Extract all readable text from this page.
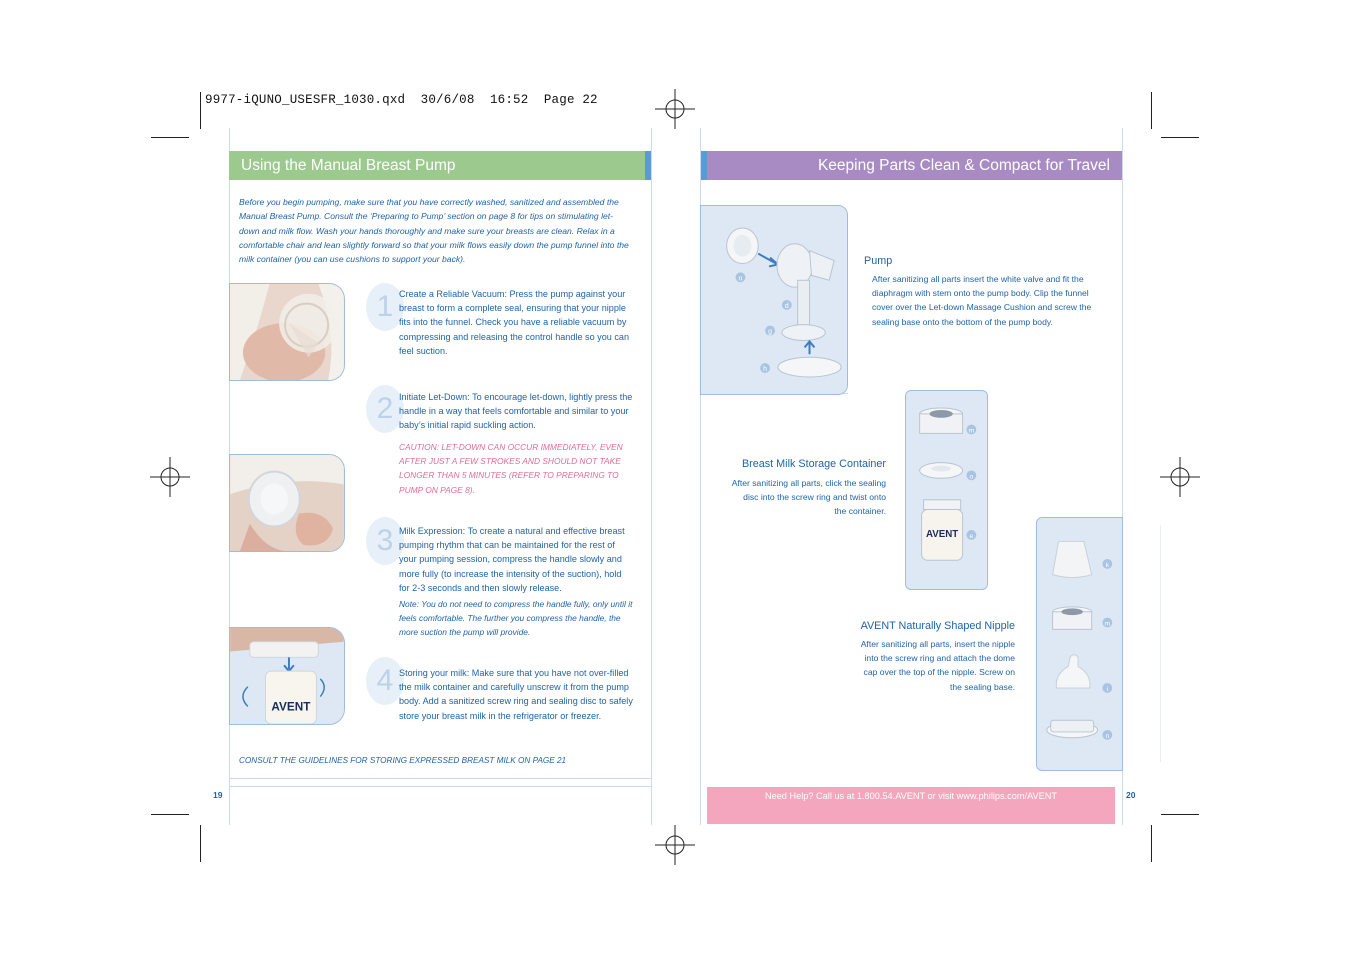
9977-iQUNO_USESFR_1030.qxd  30/6/08  16:52  Page 22
Using the Manual Breast Pump
Before you begin pumping, make sure that you have correctly washed, sanitized and assembled the Manual Breast Pump. Consult the ‘Preparing to Pump’ section on page 8 for tips on stimulating let-down and milk flow. Wash your hands thoroughly and make sure your breasts are clean. Relax in a comfortable chair and lean slightly forward so that your milk flows easily down the pump funnel into the milk container (you can use cushions to support your back).
AVENT
1 Create a Reliable Vacuum: Press the pump against your breast to form a complete seal, ensuring that your nipple fits into the funnel. Check you have a reliable vacuum by compressing and releasing the control handle so you can feel suction.
2 Initiate Let-Down: To encourage let-down, lightly press the handle in a way that feels comfortable and similar to your baby’s initial rapid suckling action.
CAUTION: LET-DOWN CAN OCCUR IMMEDIATELY, EVEN AFTER JUST A FEW STROKES AND SHOULD NOT TAKE LONGER THAN 5 MINUTES (REFER TO PREPARING TO PUMP ON PAGE 8).
3 Milk Expression: To create a natural and effective breast pumping rhythm that can be maintained for the rest of your pumping session, compress the handle slowly and more fully (to increase the intensity of the suction), hold for 2-3 seconds and then slowly release.
Note: You do not need to compress the handle fully, only until it feels comfortable. The further you compress the handle, the more suction the pump will provide.
4 Storing your milk: Make sure that you have not over-filled the milk container and carefully unscrew it from the pump body. Add a sanitized screw ring and sealing disc to safely store your breast milk in the refrigerator or freezer.
CONSULT THE GUIDELINES FOR STORING EXPRESSED BREAST MILK ON PAGE 21
19
Keeping Parts Clean & Compact for Travel
n
d
g
h
Pump
After sanitizing all parts insert the white valve and fit the diaphragm with stem onto the pump body. Clip the funnel cover over the Let-down Massage Cushion and screw the sealing base onto the bottom of the pump body.
AVENT
m
o
e
Breast Milk Storage Container
After sanitizing all parts, click the sealing disc into the screw ring and twist onto the container.
k
m
i
n
AVENT Naturally Shaped Nipple
After sanitizing all parts, insert the nipple into the screw ring and attach the dome cap over the top of the nipple. Screw on the sealing base.
Need Help? Call us at 1.800.54.AVENT or visit www.philips.com/AVENT	20
